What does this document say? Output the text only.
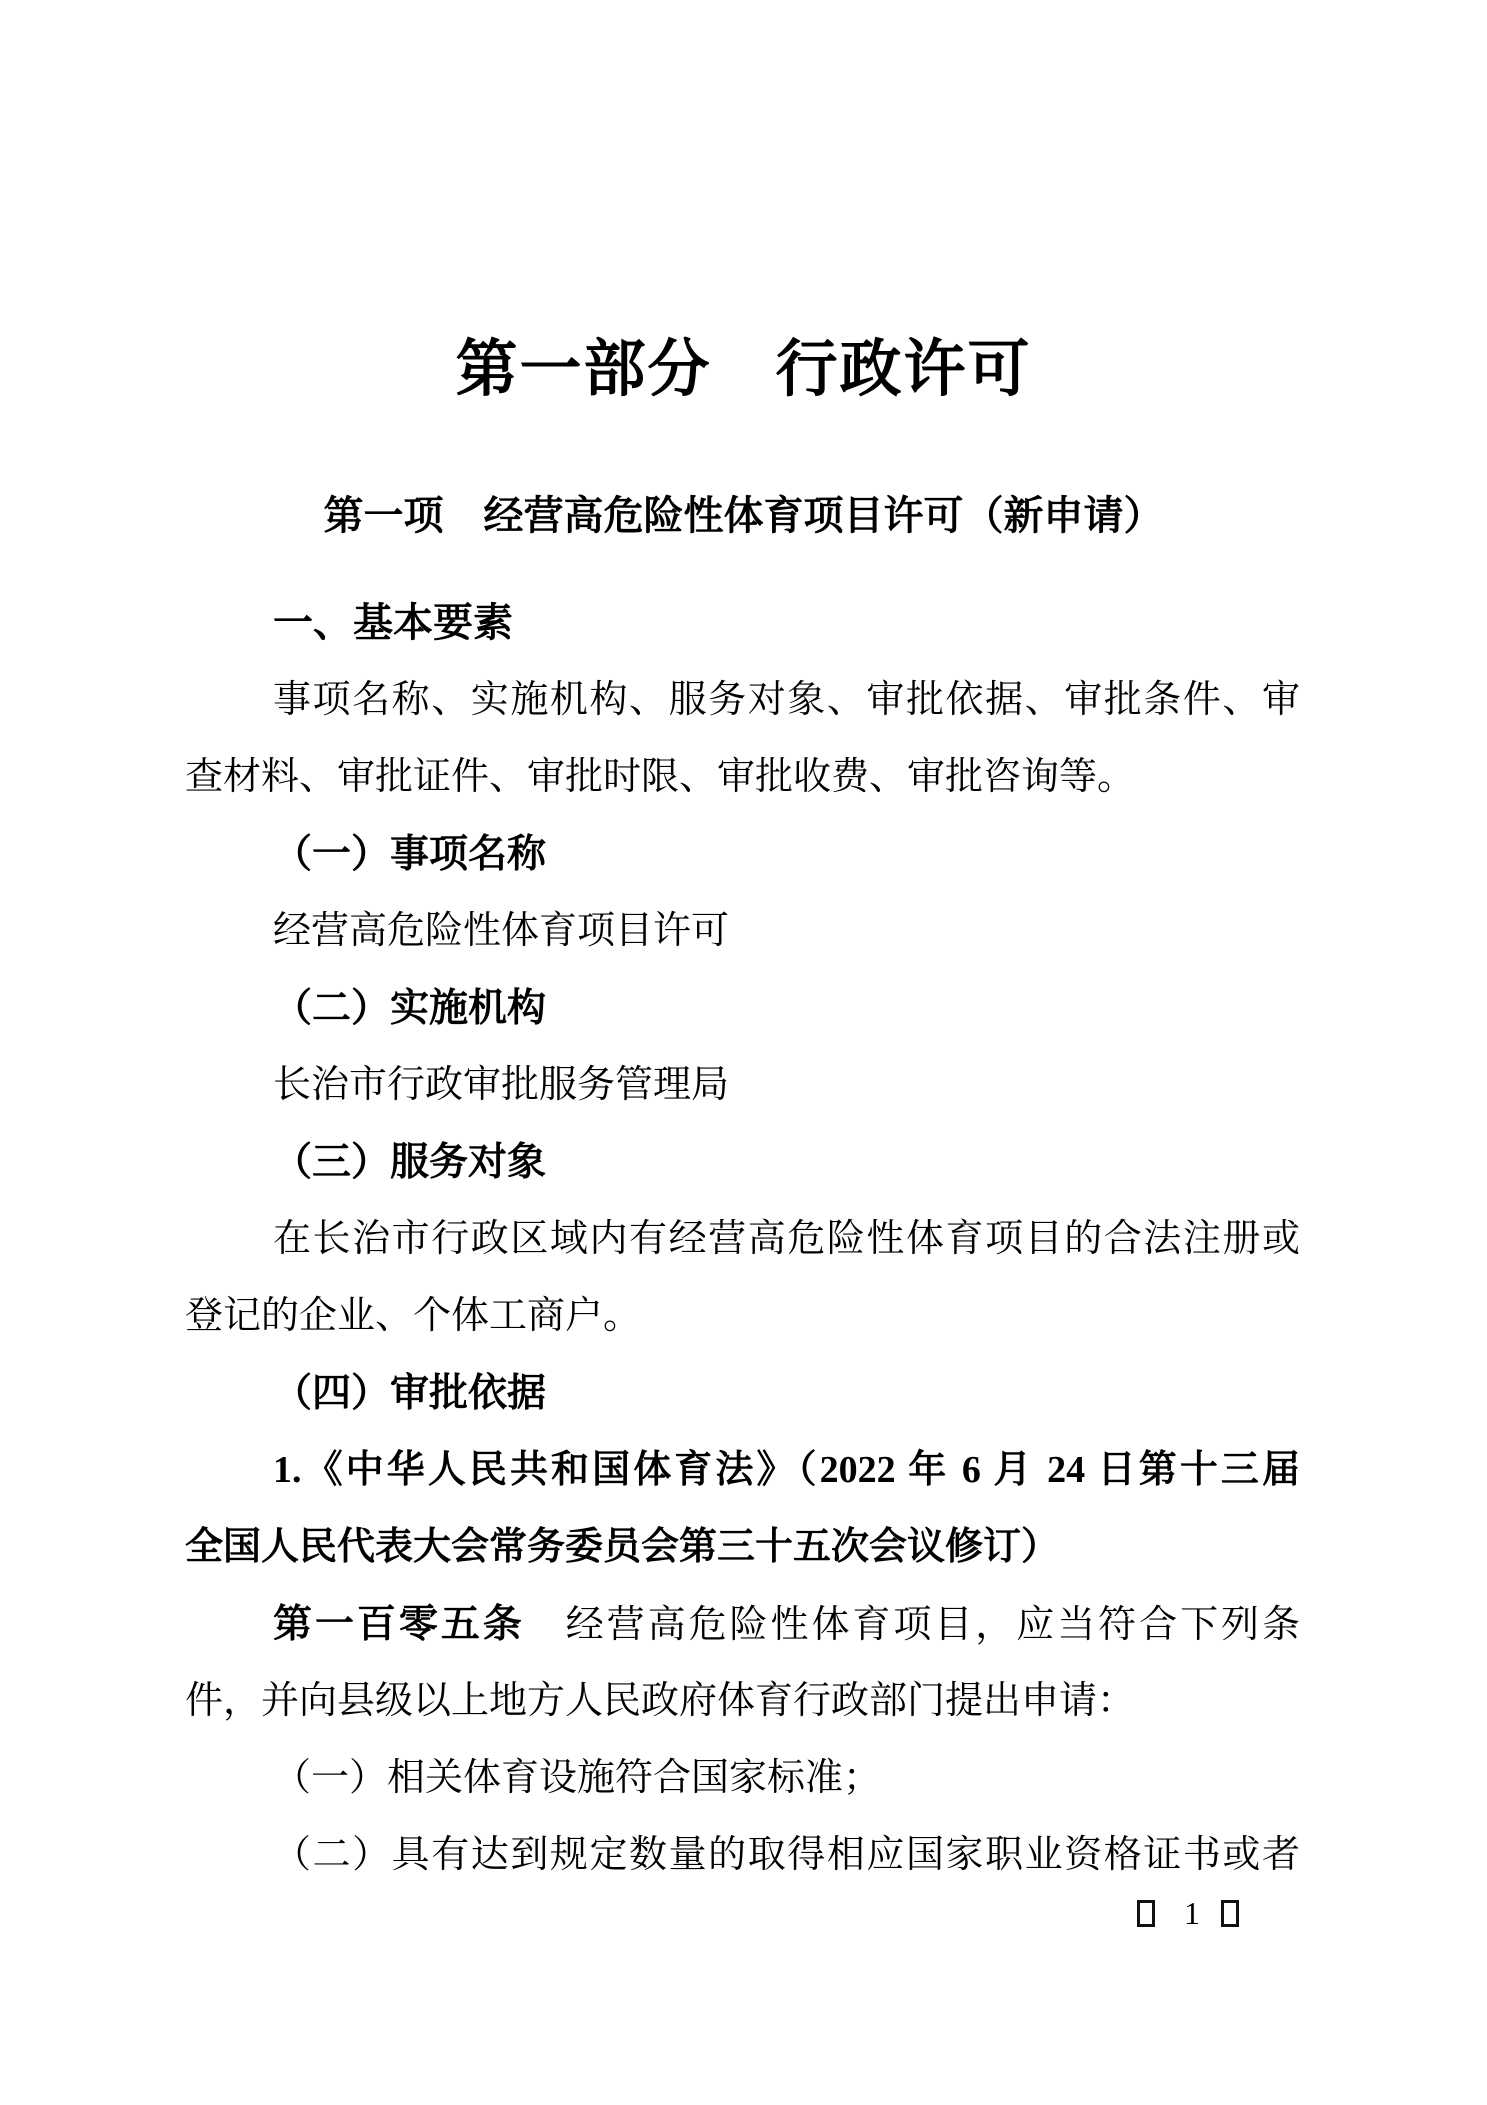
第一部分　行政许可
第一项　经营高危险性体育项目许可（新申请）
一、基本要素
事项名称、实施机构、服务对象、审批依据、审批条件、审
查材料、审批证件、审批时限、审批收费、审批咨询等。
（一）事项名称
经营高危险性体育项目许可
（二）实施机构
长治市行政审批服务管理局
（三）服务对象
在长治市行政区域内有经营高危险性体育项目的合法注册或
登记的企业、个体工商户。
（四）审批依据
1.《中华人民共和国体育法》（2022 年 6 月 24 日第十三届
全国人民代表大会常务委员会第三十五次会议修订）
第一百零五条　经营高危险性体育项目，应当符合下列条
件，并向县级以上地方人民政府体育行政部门提出申请：
（一）相关体育设施符合国家标准；
（二）具有达到规定数量的取得相应国家职业资格证书或者
1
